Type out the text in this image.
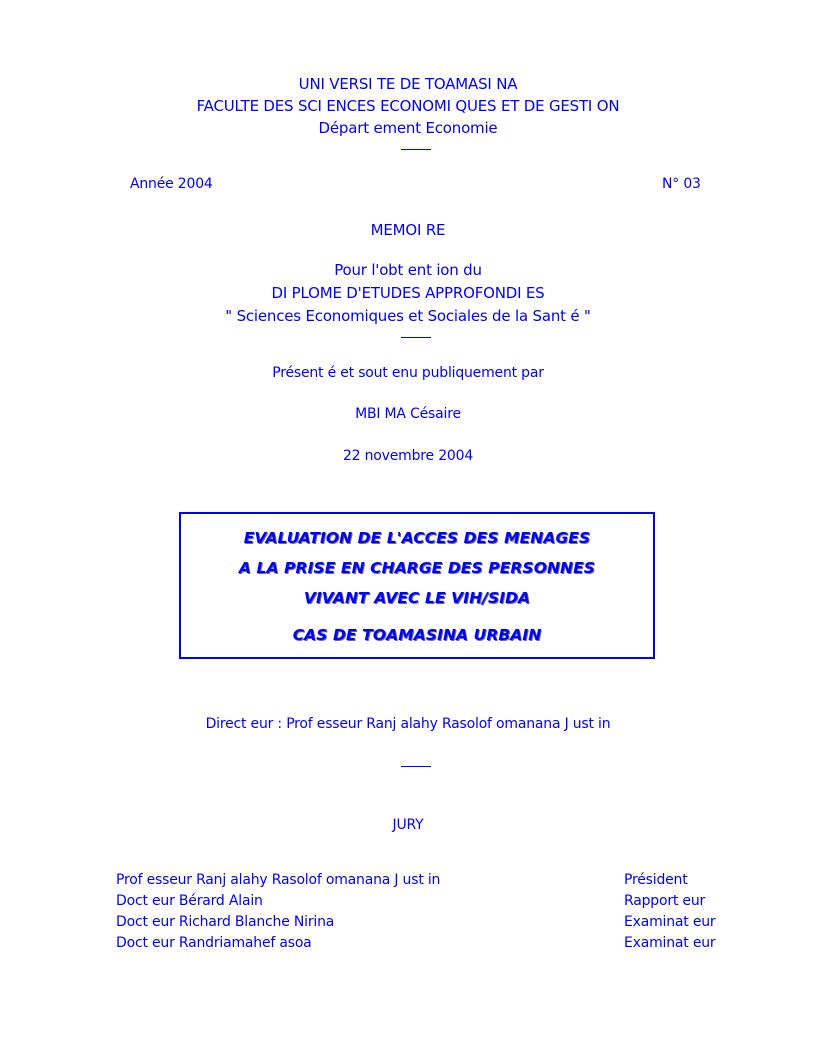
UNI VERSI TE DE TOAMASI NA
FACULTE DES SCI ENCES ECONOMI QUES ET DE GESTI ON
Départ ement Economie
Année 2004	N° 03
MEMOI RE
Pour l'obt ent ion du
DI PLOME D'ETUDES APPROFONDI ES
" Sciences Economiques et Sociales de la Sant é "
Présent é et sout enu publiquement par
MBI MA Césaire
22 novembre 2004
EVALUATION DE L'ACCES DES MENAGES
A LA PRISE EN CHARGE DES PERSONNES
VIVANT AVEC LE VIH/SIDA
CAS DE TOAMASINA URBAIN
Direct eur : Prof esseur Ranj alahy Rasolof omanana J ust in
JURY
Prof esseur Ranj alahy Rasolof omanana J ust in	Président
Doct eur Bérard Alain	Rapport eur
Doct eur Richard Blanche Nirina	Examinat eur
Doct eur Randriamahef asoa	Examinat eur
